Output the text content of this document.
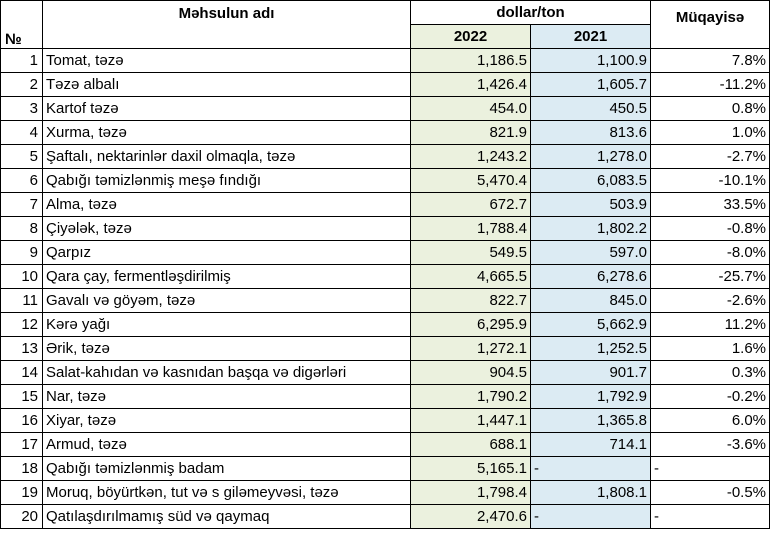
№	Məhsulun adı	dollar/ton		Müqayisə
		2022	2021	
1	Tomat, təzə	1,186.5	1,100.9	7.8%
2	Təzə albalı	1,426.4	1,605.7	-11.2%
3	Kartof təzə	454.0	450.5	0.8%
4	Xurma, təzə	821.9	813.6	1.0%
5	Şaftalı, nektarinlər daxil olmaqla, təzə	1,243.2	1,278.0	-2.7%
6	Qabığı təmizlənmiş meşə fındığı	5,470.4	6,083.5	-10.1%
7	Alma, təzə	672.7	503.9	33.5%
8	Çiyələk, təzə	1,788.4	1,802.2	-0.8%
9	Qarpız	549.5	597.0	-8.0%
10	Qara çay, fermentləşdirilmiş	4,665.5	6,278.6	-25.7%
11	Gavalı və göyəm, təzə	822.7	845.0	-2.6%
12	Kərə yağı	6,295.9	5,662.9	11.2%
13	Ərik, təzə	1,272.1	1,252.5	1.6%
14	Salat-kahıdan və kasnıdan başqa və digərləri	904.5	901.7	0.3%
15	Nar, təzə	1,790.2	1,792.9	-0.2%
16	Xiyar, təzə	1,447.1	1,365.8	6.0%
17	Armud, təzə	688.1	714.1	-3.6%
18	Qabığı təmizlənmiş badam	5,165.1	-	-
19	Moruq, böyürtkən, tut və s giləmeyvəsi, təzə	1,798.4	1,808.1	-0.5%
20	Qatılaşdırılmamış süd və qaymaq	2,470.6	-	-
